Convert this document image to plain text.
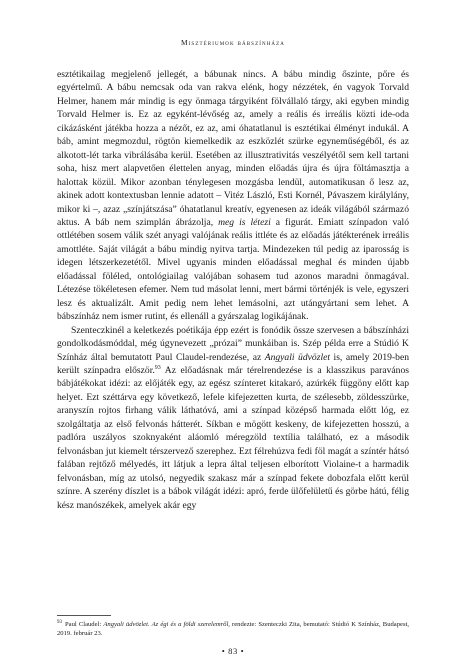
Misztériumok bábszínháza

esztétikailag megjelenő jellegét, a bábunak nincs. A bábu mindig őszinte, pőre és egyértelmű. A bábu nemcsak oda van rakva elénk, hogy nézzétek, én vagyok Torvald Helmer, hanem már mindig is egy önmaga tárgyiként fölvállaló tárgy, aki egyben mindig Torvald Helmer is. Ez az egyként-lévőség az, amely a reális és irreális közti ide-oda cikázásként játékba hozza a nézőt, ez az, ami óhatatlanul is esztétikai élményt indukál. A báb, amint megmozdul, rögtön kiemelkedik az eszközlét szürke egyneműségéből, és az alkotott-lét tarka vibrálásába kerül. Esetében az illusztrativitás veszélyétől sem kell tartani soha, hisz mert alapvetően élettelen anyag, minden előadás újra és újra föltámasztja a halottak közül. Mikor azonban ténylegesen mozgásba lendül, automatikusan ő lesz az, akinek adott kontextusban lennie adatott – Vitéz László, Esti Kornél, Pávaszem királylány, mikor ki –, azaz „színjátszása” óhatatlanul kreatív, egyenesen az ideák világából származó aktus. A báb nem szimplán ábrázolja, meg is létezi a figurát. Emiatt színpadon való ottlétében sosem válik szét anyagi valójának reális ittléte és az előadás játékterének irreális amottléte. Saját világát a bábu mindig nyitva tartja. Mindezeken túl pedig az iparosság is idegen létszerkezetétől. Mivel ugyanis minden előadással meghal és minden újabb előadással föléled, ontológiailag valójában sohasem tud azonos maradni önmagával. Létezése tökéletesen efemer. Nem tud másolat lenni, mert bármi történjék is vele, egyszeri lesz és aktualizált. Amit pedig nem lehet lemásolni, azt utángyártani sem lehet. A bábszínház nem ismer rutint, és ellenáll a gyárszalag logikájának.

Szenteczkinél a keletkezés poétikája épp ezért is fonódik össze szervesen a bábszínházi gondolkodásmóddal, még úgynevezett „prózai” munkáiban is. Szép példa erre a Stúdió K Színház által bemutatott Paul Claudel-rendezése, az Angyali üdvözlet is, amely 2019-ben került színpadra először.$^{93}$ Az előadásnak már térelrendezése is a klasszikus paravános bábjátékokat idézi: az előjáték egy, az egész színteret kitakaró, azúrkék függöny előtt kap helyet. Ezt széttárva egy következő, lefele kifejezetten kurta, de szélesebb, zöldesszürke, aranyszín rojtos firhang válik láthatóvá, ami a színpad középső harmada előtt lóg, ez szolgáltatja az első felvonás hátterét. Síkban e mögött keskeny, de kifejezetten hosszú, a padlóra uszályos szoknyaként aláomló méregzöld textília található, ez a második felvonásban jut kiemelt térszervező szerephez. Ezt félrehúzva fedi föl magát a színtér hátsó falában rejtőző mélyedés, itt látjuk a lepra által teljesen elborított Violaine-t a harmadik felvonásban, míg az utolsó, negyedik szakasz már a színpad fekete dobozfala előtt kerül színre. A szerény díszlet is a bábok világát idézi: apró, ferde ülőfelületű és görbe hátú, félig kész manószékek, amelyek akár egy

$^{93}$ Paul Claudel: Angyali üdvözlet. Az égi és a földi szerelemről, rendezte: Szenteczki Zita, bemutató: Stúdió K Színház, Budapest, 2019. február 23.
• 83 •
